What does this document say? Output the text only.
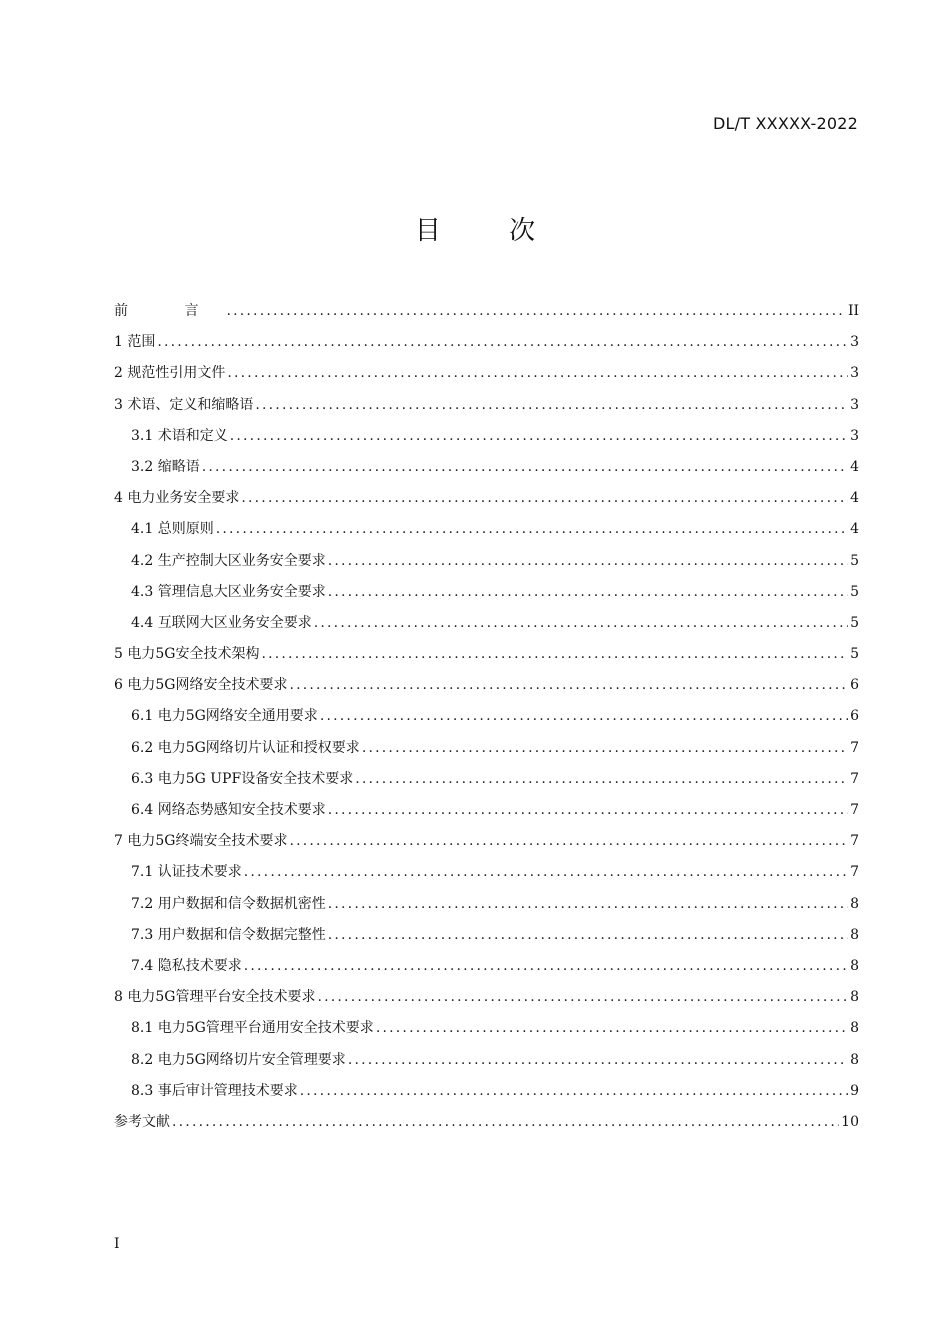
DL/T XXXXX-2022
目 次
前 言 .....	II
1 范围 .....	3
2 规范性引用文件 .....	3
3 术语、定义和缩略语 .....	3
3.1 术语和定义 .....	3
3.2 缩略语 .....	4
4 电力业务安全要求 .....	4
4.1 总则原则 .....	4
4.2 生产控制大区业务安全要求 .....	5
4.3 管理信息大区业务安全要求 .....	5
4.4 互联网大区业务安全要求 .....	5
5 电力5G安全技术架构 .....	5
6 电力5G网络安全技术要求 .....	6
6.1 电力5G网络安全通用要求 .....	6
6.2 电力5G网络切片认证和授权要求 .....	7
6.3 电力5G UPF设备安全技术要求 .....	7
6.4 网络态势感知安全技术要求 .....	7
7 电力5G终端安全技术要求 .....	7
7.1 认证技术要求 .....	7
7.2 用户数据和信令数据机密性 .....	8
7.3 用户数据和信令数据完整性 .....	8
7.4 隐私技术要求 .....	8
8 电力5G管理平台安全技术要求 .....	8
8.1 电力5G管理平台通用安全技术要求 .....	8
8.2 电力5G网络切片安全管理要求 .....	8
8.3 事后审计管理技术要求 .....	9
参考文献 .....	10
I
